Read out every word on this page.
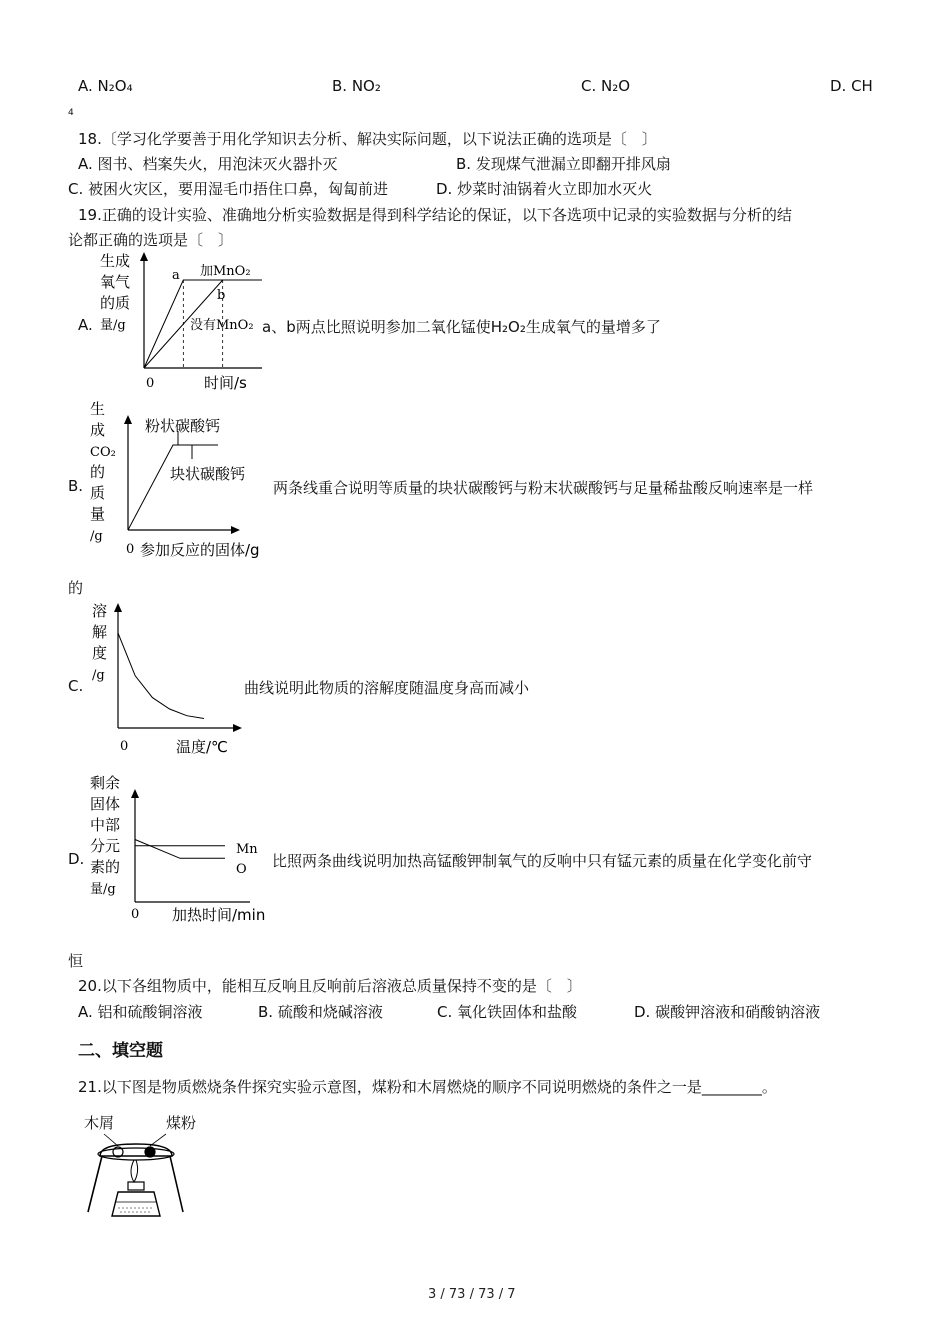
A. N₂O₄	B. NO₂	C. N₂O	D. CH
4
18.〔学习化学要善于用化学知识去分析、解决实际问题，以下说法正确的选项是〔　〕
A. 图书、档案失火，用泡沫灭火器扑灭	B. 发现煤气泄漏立即翻开排风扇
C. 被困火灾区，要用湿毛巾捂住口鼻，匈匐前进	D. 炒菜时油锅着火立即加水灭火
19.正确的设计实验、准确地分析实验数据是得到科学结论的保证，以下各选项中记录的实验数据与分析的结
论都正确的选项是〔　〕
A.	a、b两点比照说明参加二氧化锰使H₂O₂生成氧气的量增多了
生成
氧气
的质
量/g
a
b
加MnO₂
没有MnO₂
0	时间/s
B.	两条线重合说明等质量的块状碳酸钙与粉末状碳酸钙与足量稀盐酸反响速率是一样
的
生
成
CO₂
的
质
量
/g
粉状碳酸钙
块状碳酸钙
0 参加反应的固体/g
C.	曲线说明此物质的溶解度随温度身高而减小
溶
解
度
/g
0	温度/℃
D.	比照两条曲线说明加热高锰酸钾制氧气的反响中只有锰元素的质量在化学变化前守
恒
剩余
固体
中部
分元
素的
量/g
Mn
O
0 加热时间/min
20.以下各组物质中，能相互反响且反响前后溶液总质量保持不变的是〔　〕
A. 铝和硫酸铜溶液	B. 硫酸和烧碱溶液	C. 氧化铁固体和盐酸	D. 碳酸钾溶液和硝酸钠溶液
二、填空题
21.以下图是物质燃烧条件探究实验示意图，煤粉和木屑燃烧的顺序不同说明燃烧的条件之一是________。
木屑	煤粉
3 / 73 / 73 / 7
